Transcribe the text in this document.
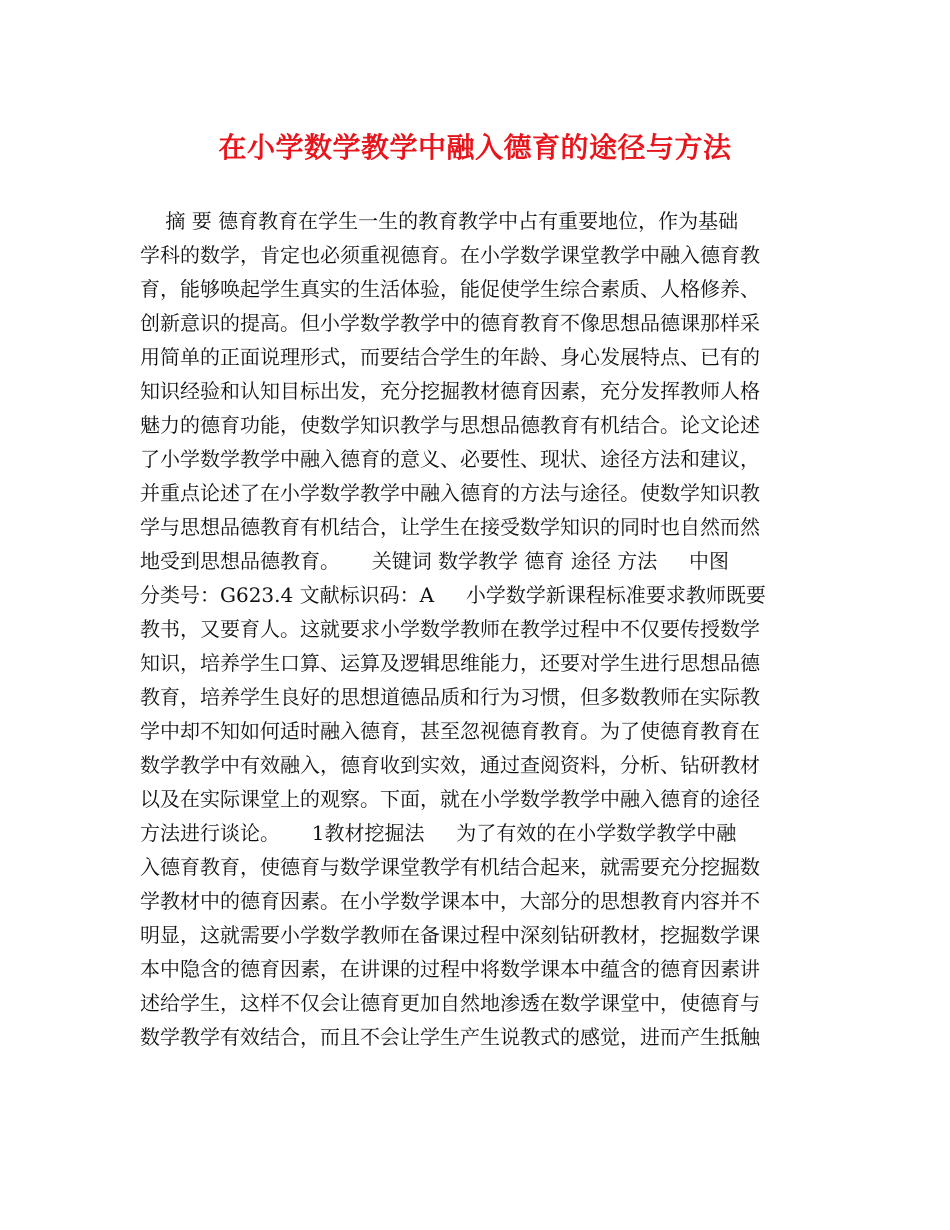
在小学数学教学中融入德育的途径与方法
摘 要 德育教育在学生一生的教育教学中占有重要地位，作为基础
学科的数学，肯定也必须重视德育。在小学数学课堂教学中融入德育教
育，能够唤起学生真实的生活体验，能促使学生综合素质、人格修养、
创新意识的提高。但小学数学教学中的德育教育不像思想品德课那样采
用简单的正面说理形式，而要结合学生的年龄、身心发展特点、已有的
知识经验和认知目标出发，充分挖掘教材德育因素，充分发挥教师人格
魅力的德育功能，使数学知识教学与思想品德教育有机结合。论文论述
了小学数学教学中融入德育的意义、必要性、现状、途径方法和建议，
并重点论述了在小学数学教学中融入德育的方法与途径。使数学知识教
学与思想品德教育有机结合，让学生在接受数学知识的同时也自然而然
地受到思想品德教育。     关键词 数学教学 德育 途径 方法     中图
分类号：G623.4 文献标识码：A     小学数学新课程标准要求教师既要
教书，又要育人。这就要求小学数学教师在教学过程中不仅要传授数学
知识，培养学生口算、运算及逻辑思维能力，还要对学生进行思想品德
教育，培养学生良好的思想道德品质和行为习惯，但多数教师在实际教
学中却不知如何适时融入德育，甚至忽视德育教育。为了使德育教育在
数学教学中有效融入，德育收到实效，通过查阅资料，分析、钻研教材
以及在实际课堂上的观察。下面，就在小学数学教学中融入德育的途径
方法进行谈论。     1教材挖掘法     为了有效的在小学数学教学中融
入德育教育，使德育与数学课堂教学有机结合起来，就需要充分挖掘数
学教材中的德育因素。在小学数学课本中，大部分的思想教育内容并不
明显，这就需要小学数学教师在备课过程中深刻钻研教材，挖掘数学课
本中隐含的德育因素，在讲课的过程中将数学课本中蕴含的德育因素讲
述给学生，这样不仅会让德育更加自然地渗透在数学课堂中，使德育与
数学教学有效结合，而且不会让学生产生说教式的感觉，进而产生抵触
